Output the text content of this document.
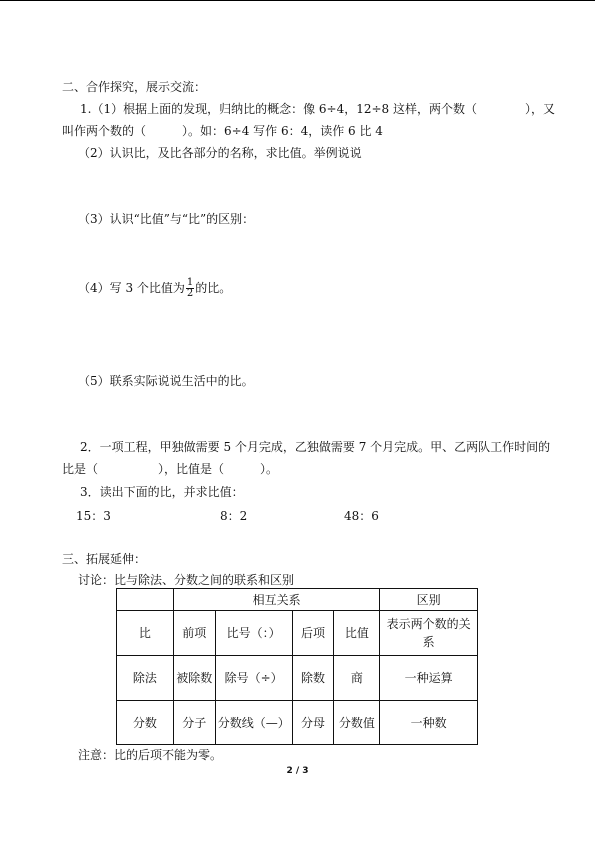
二、合作探究，展示交流：
1.（1）根据上面的发现，归纳比的概念：像 6÷4，12÷8 这样，两个数（　　　　），又
叫作两个数的（　　　）。如：6÷4 写作 6：4，读作 6 比 4
（2）认识比，及比各部分的名称，求比值。举例说说
（3）认识“比值”与“比”的区别：
（4）写 3 个比值为 $\frac{1}{2}$ 的比。
（5）联系实际说说生活中的比。
2．一项工程，甲独做需要 5 个月完成，乙独做需要 7 个月完成。甲、乙两队工作时间的
比是（　　　　　），比值是（　　　）。
3．读出下面的比，并求比值：
15：3	8：2	48：6
三、拓展延伸：
讨论：比与除法、分数之间的联系和区别
	相互关系				区别
比	前项	比号（：）	后项	比值	表示两个数的关系
除法	被除数	除号（÷）	除数	商	一种运算
分数	分子	分数线（—）	分母	分数值	一种数
注意：比的后项不能为零。
2 / 3
